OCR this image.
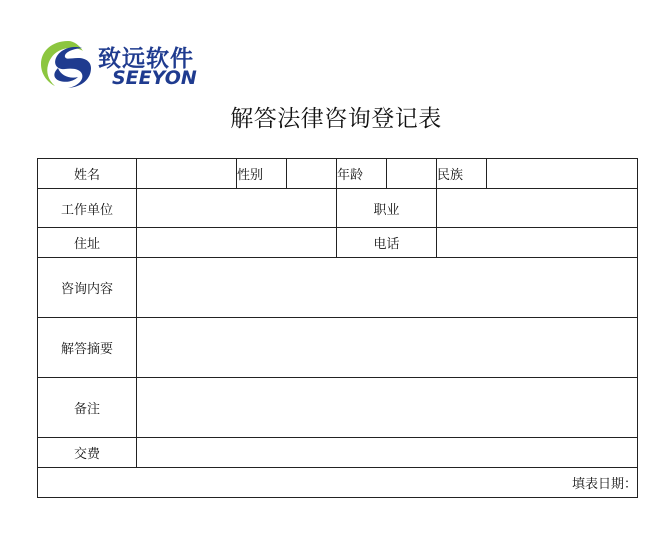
致远软件
SEEYON
解答法律咨询登记表
姓名		性别		年龄		民族	
工作单位				职业			
住址				电话			
咨询内容							
解答摘要							
备注							
交费							
填表日期：							
